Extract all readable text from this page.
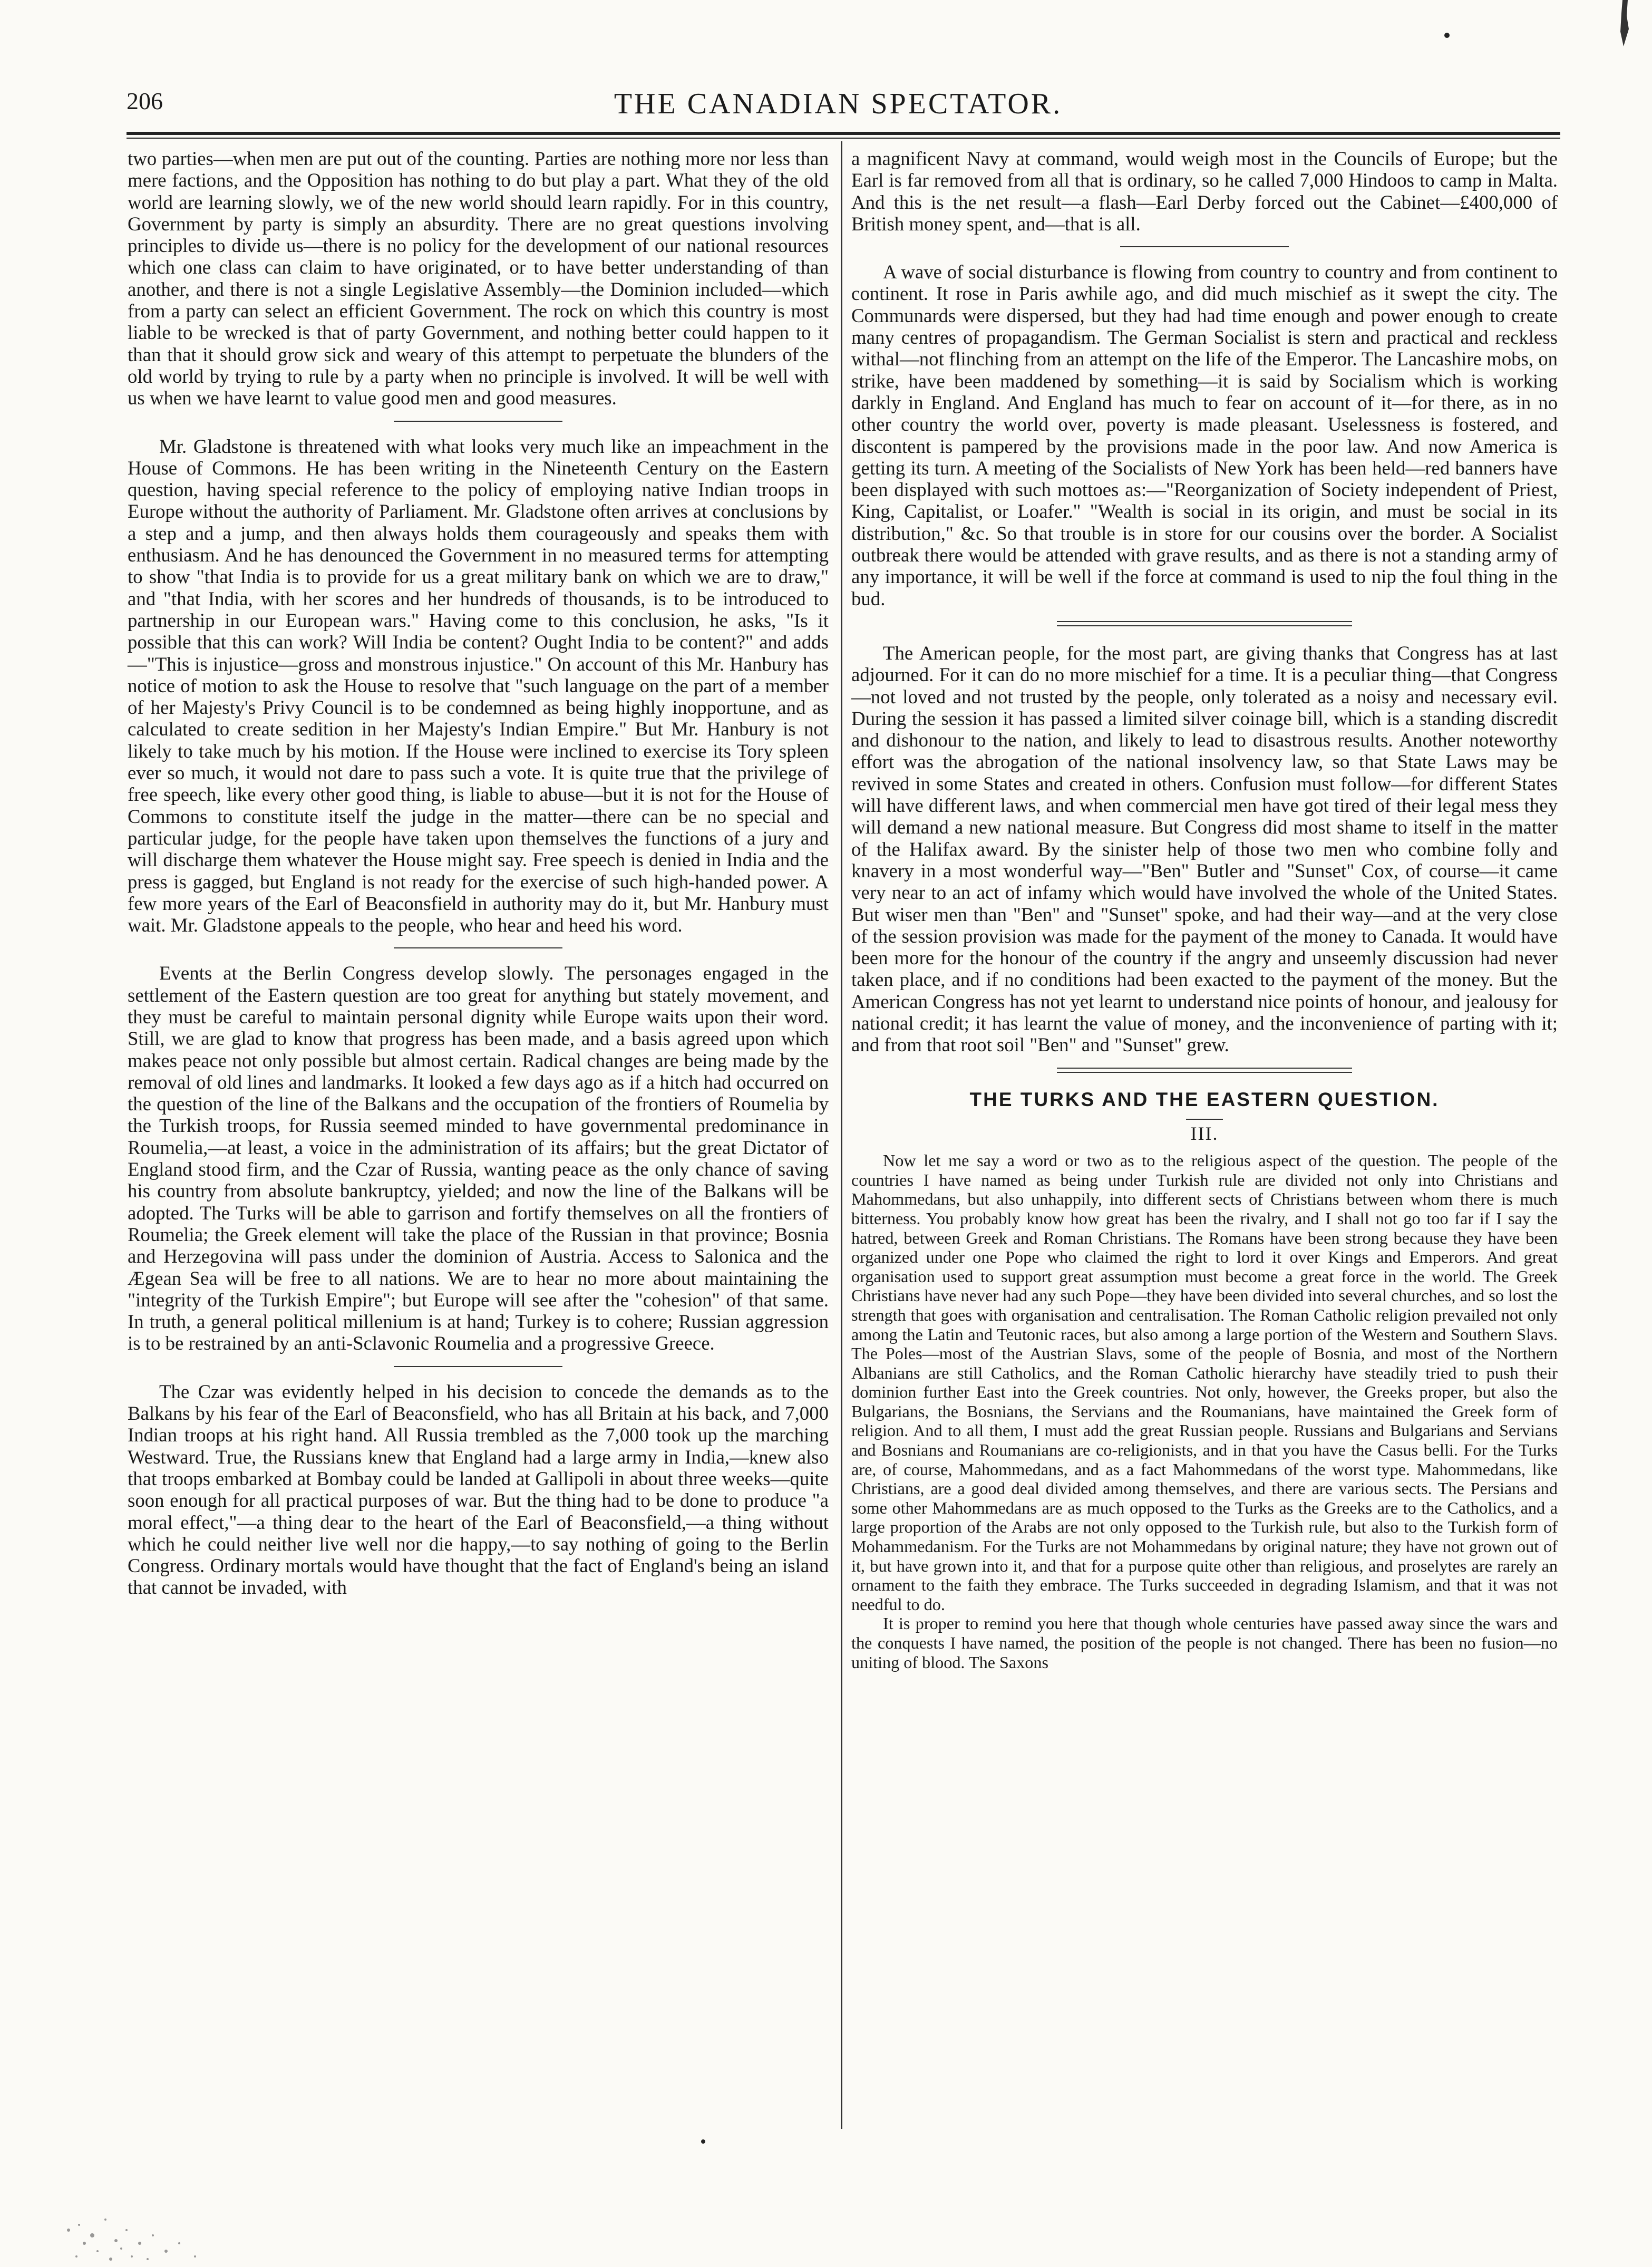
206	THE CANADIAN SPECTATOR.

two parties—when men are put out of the counting. Parties are nothing more nor less than mere factions, and the Opposition has nothing to do but play a part. What they of the old world are learning slowly, we of the new world should learn rapidly. For in this country, Government by party is simply an absurdity. There are no great questions involving principles to divide us—there is no policy for the development of our national resources which one class can claim to have originated, or to have better understanding of than another, and there is not a single Legislative Assembly—the Dominion included—which from a party can select an efficient Government. The rock on which this country is most liable to be wrecked is that of party Government, and nothing better could happen to it than that it should grow sick and weary of this attempt to perpetuate the blunders of the old world by trying to rule by a party when no principle is involved. It will be well with us when we have learnt to value good men and good measures.

Mr. Gladstone is threatened with what looks very much like an impeachment in the House of Commons. He has been writing in the Nineteenth Century on the Eastern question, having special reference to the policy of employing native Indian troops in Europe without the authority of Parliament. Mr. Gladstone often arrives at conclusions by a step and a jump, and then always holds them courageously and speaks them with enthusiasm. And he has denounced the Government in no measured terms for attempting to show "that India is to provide for us a great military bank on which we are to draw," and "that India, with her scores and her hundreds of thousands, is to be introduced to partnership in our European wars." Having come to this conclusion, he asks, "Is it possible that this can work? Will India be content? Ought India to be content?" and adds—"This is injustice—gross and monstrous injustice." On account of this Mr. Hanbury has notice of motion to ask the House to resolve that "such language on the part of a member of her Majesty's Privy Council is to be condemned as being highly inopportune, and as calculated to create sedition in her Majesty's Indian Empire." But Mr. Hanbury is not likely to take much by his motion. If the House were inclined to exercise its Tory spleen ever so much, it would not dare to pass such a vote. It is quite true that the privilege of free speech, like every other good thing, is liable to abuse—but it is not for the House of Commons to constitute itself the judge in the matter—there can be no special and particular judge, for the people have taken upon themselves the functions of a jury and will discharge them whatever the House might say. Free speech is denied in India and the press is gagged, but England is not ready for the exercise of such high-handed power. A few more years of the Earl of Beaconsfield in authority may do it, but Mr. Hanbury must wait. Mr. Gladstone appeals to the people, who hear and heed his word.

Events at the Berlin Congress develop slowly. The personages engaged in the settlement of the Eastern question are too great for anything but stately movement, and they must be careful to maintain personal dignity while Europe waits upon their word. Still, we are glad to know that progress has been made, and a basis agreed upon which makes peace not only possible but almost certain. Radical changes are being made by the removal of old lines and landmarks. It looked a few days ago as if a hitch had occurred on the question of the line of the Balkans and the occupation of the frontiers of Roumelia by the Turkish troops, for Russia seemed minded to have governmental predominance in Roumelia,—at least, a voice in the administration of its affairs; but the great Dictator of England stood firm, and the Czar of Russia, wanting peace as the only chance of saving his country from absolute bankruptcy, yielded; and now the line of the Balkans will be adopted. The Turks will be able to garrison and fortify themselves on all the frontiers of Roumelia; the Greek element will take the place of the Russian in that province; Bosnia and Herzegovina will pass under the dominion of Austria. Access to Salonica and the Ægean Sea will be free to all nations. We are to hear no more about maintaining the "integrity of the Turkish Empire"; but Europe will see after the "cohesion" of that same. In truth, a general political millenium is at hand; Turkey is to cohere; Russian aggression is to be restrained by an anti-Sclavonic Roumelia and a progressive Greece.

The Czar was evidently helped in his decision to concede the demands as to the Balkans by his fear of the Earl of Beaconsfield, who has all Britain at his back, and 7,000 Indian troops at his right hand. All Russia trembled as the 7,000 took up the marching Westward. True, the Russians knew that England had a large army in India,—knew also that troops embarked at Bombay could be landed at Gallipoli in about three weeks—quite soon enough for all practical purposes of war. But the thing had to be done to produce "a moral effect,"—a thing dear to the heart of the Earl of Beaconsfield,—a thing without which he could neither live well nor die happy,—to say nothing of going to the Berlin Congress. Ordinary mortals would have thought that the fact of England's being an island that cannot be invaded, with

a magnificent Navy at command, would weigh most in the Councils of Europe; but the Earl is far removed from all that is ordinary, so he called 7,000 Hindoos to camp in Malta. And this is the net result—a flash—Earl Derby forced out the Cabinet—£400,000 of British money spent, and—that is all.

A wave of social disturbance is flowing from country to country and from continent to continent. It rose in Paris awhile ago, and did much mischief as it swept the city. The Communards were dispersed, but they had had time enough and power enough to create many centres of propagandism. The German Socialist is stern and practical and reckless withal—not flinching from an attempt on the life of the Emperor. The Lancashire mobs, on strike, have been maddened by something—it is said by Socialism which is working darkly in England. And England has much to fear on account of it—for there, as in no other country the world over, poverty is made pleasant. Uselessness is fostered, and discontent is pampered by the provisions made in the poor law. And now America is getting its turn. A meeting of the Socialists of New York has been held—red banners have been displayed with such mottoes as:—"Reorganization of Society independent of Priest, King, Capitalist, or Loafer." "Wealth is social in its origin, and must be social in its distribution," &c. So that trouble is in store for our cousins over the border. A Socialist outbreak there would be attended with grave results, and as there is not a standing army of any importance, it will be well if the force at command is used to nip the foul thing in the bud.

The American people, for the most part, are giving thanks that Congress has at last adjourned. For it can do no more mischief for a time. It is a peculiar thing—that Congress—not loved and not trusted by the people, only tolerated as a noisy and necessary evil. During the session it has passed a limited silver coinage bill, which is a standing discredit and dishonour to the nation, and likely to lead to disastrous results. Another noteworthy effort was the abrogation of the national insolvency law, so that State Laws may be revived in some States and created in others. Confusion must follow—for different States will have different laws, and when commercial men have got tired of their legal mess they will demand a new national measure. But Congress did most shame to itself in the matter of the Halifax award. By the sinister help of those two men who combine folly and knavery in a most wonderful way—"Ben" Butler and "Sunset" Cox, of course—it came very near to an act of infamy which would have involved the whole of the United States. But wiser men than "Ben" and "Sunset" spoke, and had their way—and at the very close of the session provision was made for the payment of the money to Canada. It would have been more for the honour of the country if the angry and unseemly discussion had never taken place, and if no conditions had been exacted to the payment of the money. But the American Congress has not yet learnt to understand nice points of honour, and jealousy for national credit; it has learnt the value of money, and the inconvenience of parting with it; and from that root soil "Ben" and "Sunset" grew.

THE TURKS AND THE EASTERN QUESTION.
III.

Now let me say a word or two as to the religious aspect of the question. The people of the countries I have named as being under Turkish rule are divided not only into Christians and Mahommedans, but also unhappily, into different sects of Christians between whom there is much bitterness. You probably know how great has been the rivalry, and I shall not go too far if I say the hatred, between Greek and Roman Christians. The Romans have been strong because they have been organized under one Pope who claimed the right to lord it over Kings and Emperors. And great organisation used to support great assumption must become a great force in the world. The Greek Christians have never had any such Pope—they have been divided into several churches, and so lost the strength that goes with organisation and centralisation. The Roman Catholic religion prevailed not only among the Latin and Teutonic races, but also among a large portion of the Western and Southern Slavs. The Poles—most of the Austrian Slavs, some of the people of Bosnia, and most of the Northern Albanians are still Catholics, and the Roman Catholic hierarchy have steadily tried to push their dominion further East into the Greek countries. Not only, however, the Greeks proper, but also the Bulgarians, the Bosnians, the Servians and the Roumanians, have maintained the Greek form of religion. And to all them, I must add the great Russian people. Russians and Bulgarians and Servians and Bosnians and Roumanians are co-religionists, and in that you have the Casus belli. For the Turks are, of course, Mahommedans, and as a fact Mahommedans of the worst type. Mahommedans, like Christians, are a good deal divided among themselves, and there are various sects. The Persians and some other Mahommedans are as much opposed to the Turks as the Greeks are to the Catholics, and a large proportion of the Arabs are not only opposed to the Turkish rule, but also to the Turkish form of Mohammedanism. For the Turks are not Mohammedans by original nature; they have not grown out of it, but have grown into it, and that for a purpose quite other than religious, and proselytes are rarely an ornament to the faith they embrace. The Turks succeeded in degrading Islamism, and that it was not needful to do.

It is proper to remind you here that though whole centuries have passed away since the wars and the conquests I have named, the position of the people is not changed. There has been no fusion—no uniting of blood. The Saxons
